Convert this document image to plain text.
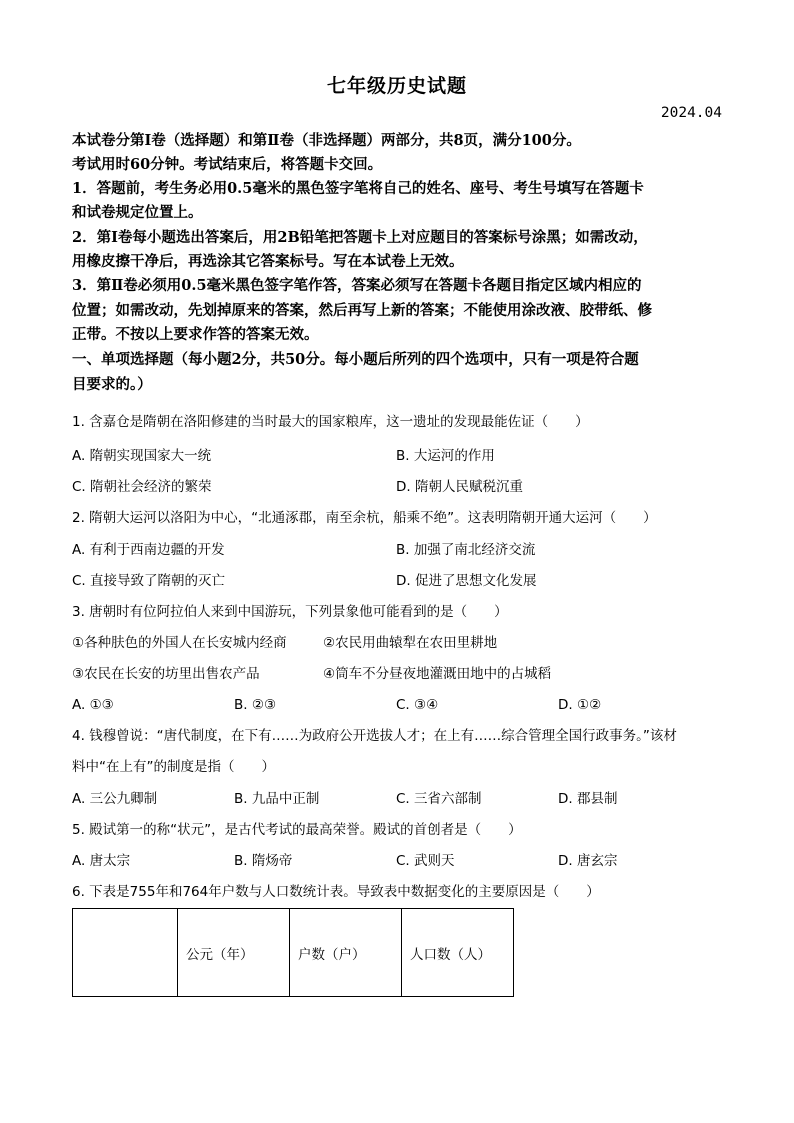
七年级历史试题
2024.04
本试卷分第Ⅰ卷（选择题）和第Ⅱ卷（非选择题）两部分，共8页，满分100分。
考试用时60分钟。考试结束后，将答题卡交回。
1．答题前，考生务必用0.5毫米的黑色签字笔将自己的姓名、座号、考生号填写在答题卡
和试卷规定位置上。
2．第Ⅰ卷每小题选出答案后，用2B铅笔把答题卡上对应题目的答案标号涂黑；如需改动，
用橡皮擦干净后，再选涂其它答案标号。写在本试卷上无效。
3．第Ⅱ卷必须用0.5毫米黑色签字笔作答，答案必须写在答题卡各题目指定区域内相应的
位置；如需改动，先划掉原来的答案，然后再写上新的答案；不能使用涂改液、胶带纸、修
正带。不按以上要求作答的答案无效。
一、单项选择题（每小题2分，共50分。每小题后所列的四个选项中，只有一项是符合题
目要求的。）
1. 含嘉仓是隋朝在洛阳修建的当时最大的国家粮库，这一遗址的发现最能佐证（　　）
A. 隋朝实现国家大一统	B. 大运河的作用
C. 隋朝社会经济的繁荣	D. 隋朝人民赋税沉重
2. 隋朝大运河以洛阳为中心，“北通涿郡，南至余杭，船乘不绝”。这表明隋朝开通大运河（　　）
A. 有利于西南边疆的开发	B. 加强了南北经济交流
C. 直接导致了隋朝的灭亡	D. 促进了思想文化发展
3. 唐朝时有位阿拉伯人来到中国游玩，下列景象他可能看到的是（　　）
①各种肤色的外国人在长安城内经商	②农民用曲辕犁在农田里耕地
③农民在长安的坊里出售农产品	④筒车不分昼夜地灌溉田地中的占城稻
A. ①③	B. ②③	C. ③④	D. ①②
4. 钱穆曾说：“唐代制度，在下有……为政府公开选拔人才；在上有……综合管理全国行政事务。”该材
料中“在上有”的制度是指（　　）
A. 三公九卿制	B. 九品中正制	C. 三省六部制	D. 郡县制
5. 殿试第一的称“状元”，是古代考试的最高荣誉。殿试的首创者是（　　）
A. 唐太宗	B. 隋炀帝	C. 武则天	D. 唐玄宗
6. 下表是755年和764年户数与人口数统计表。导致表中数据变化的主要原因是（　　）
	公元（年）	户数（户）	人口数（人）
